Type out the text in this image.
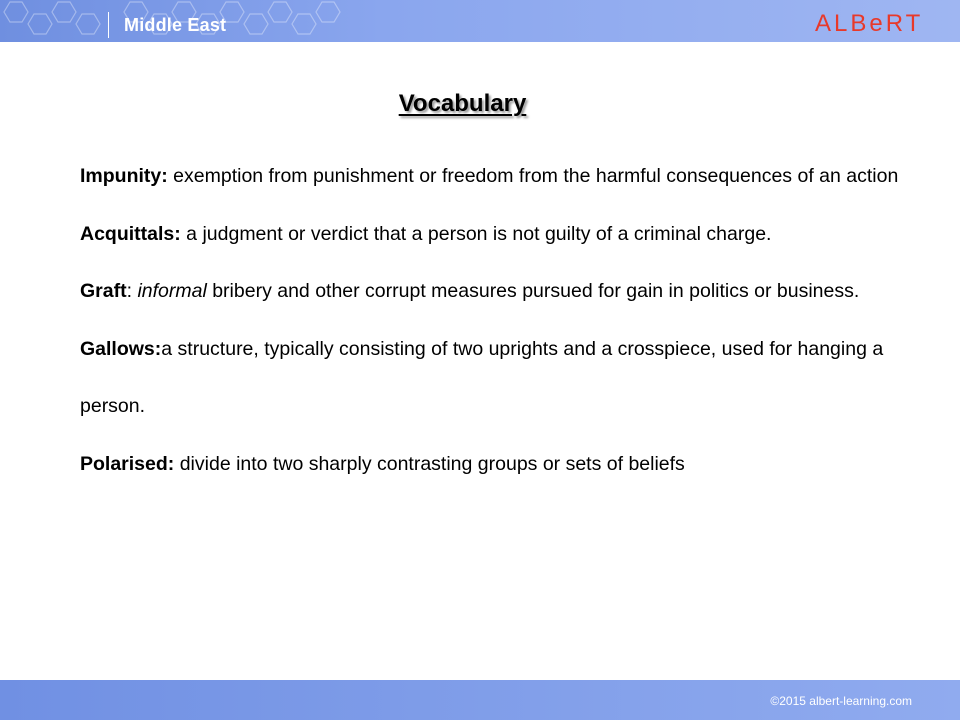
Middle East	ALBeRT
Vocabulary

Impunity: exemption from punishment or freedom from the harmful consequences of an action

Acquittals: a judgment or verdict that a person is not guilty of a criminal charge.

Graft: informal bribery and other corrupt measures pursued for gain in politics or business.

Gallows:a structure, typically consisting of two uprights and a crosspiece, used for hanging a person.

Polarised: divide into two sharply contrasting groups or sets of beliefs

©2015 albert-learning.com
